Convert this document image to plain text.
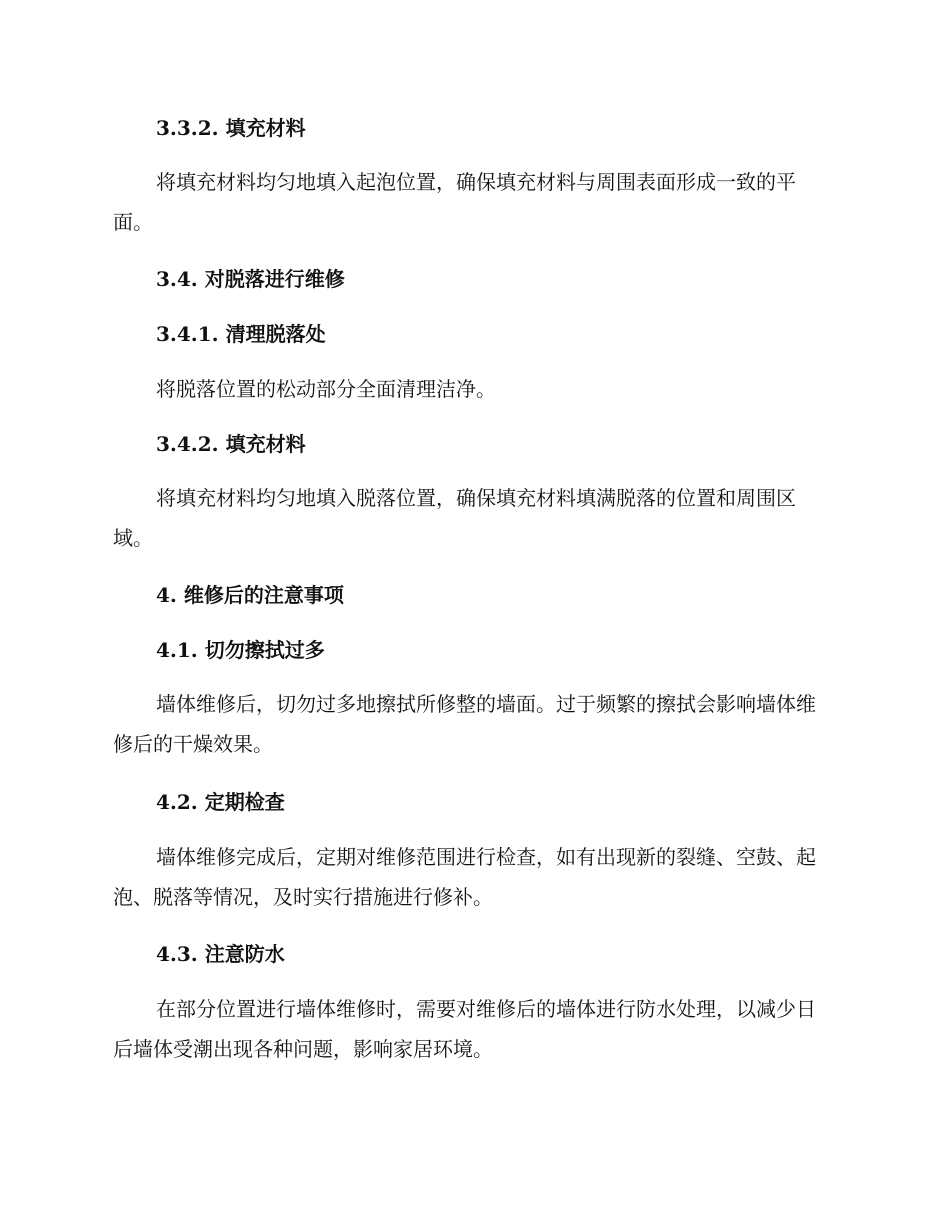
3.3.2. 填充材料
将填充材料均匀地填入起泡位置，确保填充材料与周围表面形成一致的平面。
3.4. 对脱落进行维修
3.4.1. 清理脱落处
将脱落位置的松动部分全面清理洁净。
3.4.2. 填充材料
将填充材料均匀地填入脱落位置，确保填充材料填满脱落的位置和周围区域。
4. 维修后的注意事项
4.1. 切勿擦拭过多
墙体维修后，切勿过多地擦拭所修整的墙面。过于频繁的擦拭会影响墙体维修后的干燥效果。
4.2. 定期检查
墙体维修完成后，定期对维修范围进行检查，如有出现新的裂缝、空鼓、起泡、脱落等情况，及时实行措施进行修补。
4.3. 注意防水
在部分位置进行墙体维修时，需要对维修后的墙体进行防水处理，以减少日后墙体受潮出现各种问题，影响家居环境。
